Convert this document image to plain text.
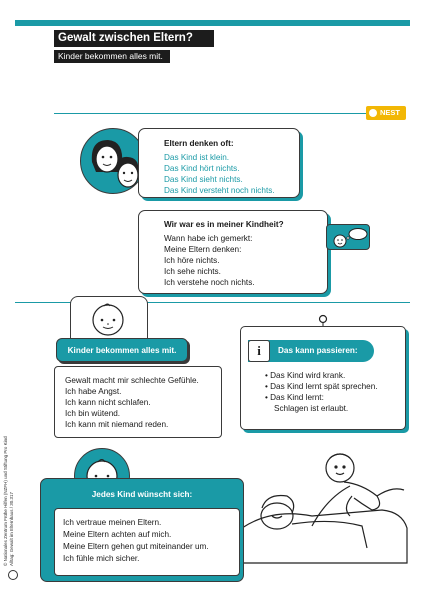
Gewalt zwischen Eltern?
Kinder bekommen alles mit.
NEST
Eltern denken oft:
Das Kind ist klein.
Das Kind hört nichts.
Das Kind sieht nichts.
Das Kind versteht noch nichts.
Wir war es in meiner Kindheit?
Wann habe ich gemerkt:
Meine Eltern denken:
Ich höre nichts.
Ich sehe nichts.
Ich verstehe noch nichts.
Kinder bekommen alles mit.
Gewalt macht mir schlechte Gefühle.
Ich habe Angst.
Ich kann nicht schlafen.
Ich bin wütend.
Ich kann mit niemand reden.
Das kann passieren:
i
• Das Kind wird krank.
• Das Kind lernt spät sprechen.
• Das Kind lernt:
Schlagen ist erlaubt.
Jedes Kind wünscht sich:
Ich vertraue meinen Eltern.
Meine Eltern achten auf mich.
Meine Eltern gehen gut miteinander um.
Ich fühle mich sicher.
© Nationales Zentrum Frühe Hilfen (NZFH) und Stiftung Pro Kind Alltag: Gewalt im Elternhaus / 30.317
